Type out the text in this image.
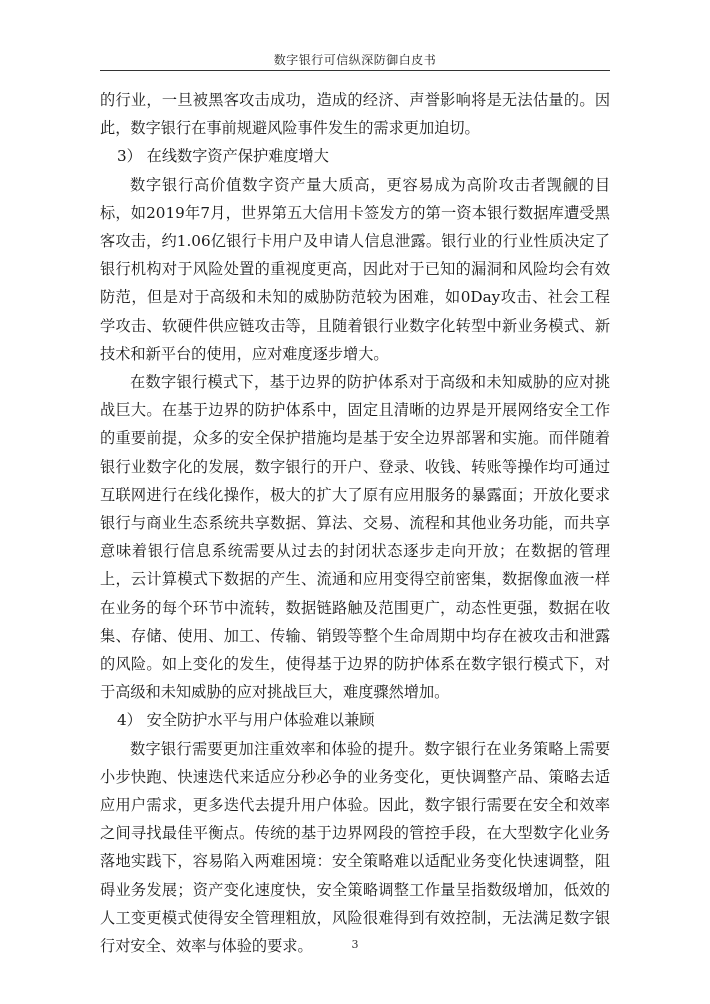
数字银行可信纵深防御白皮书

的行业，一旦被黑客攻击成功，造成的经济、声誉影响将是无法估量的。因此，数字银行在事前规避风险事件发生的需求更加迫切。

3） 在线数字资产保护难度增大

数字银行高价值数字资产量大质高，更容易成为高阶攻击者觊觎的目标，如2019年7月，世界第五大信用卡签发方的第一资本银行数据库遭受黑客攻击，约1.06亿银行卡用户及申请人信息泄露。银行业的行业性质决定了银行机构对于风险处置的重视度更高，因此对于已知的漏洞和风险均会有效防范，但是对于高级和未知的威胁防范较为困难，如0Day攻击、社会工程学攻击、软硬件供应链攻击等，且随着银行业数字化转型中新业务模式、新技术和新平台的使用，应对难度逐步增大。

在数字银行模式下，基于边界的防护体系对于高级和未知威胁的应对挑战巨大。在基于边界的防护体系中，固定且清晰的边界是开展网络安全工作的重要前提，众多的安全保护措施均是基于安全边界部署和实施。而伴随着银行业数字化的发展，数字银行的开户、登录、收钱、转账等操作均可通过互联网进行在线化操作，极大的扩大了原有应用服务的暴露面；开放化要求银行与商业生态系统共享数据、算法、交易、流程和其他业务功能，而共享意味着银行信息系统需要从过去的封闭状态逐步走向开放；在数据的管理上，云计算模式下数据的产生、流通和应用变得空前密集，数据像血液一样在业务的每个环节中流转，数据链路触及范围更广，动态性更强，数据在收集、存储、使用、加工、传输、销毁等整个生命周期中均存在被攻击和泄露的风险。如上变化的发生，使得基于边界的防护体系在数字银行模式下，对于高级和未知威胁的应对挑战巨大，难度骤然增加。

4） 安全防护水平与用户体验难以兼顾

数字银行需要更加注重效率和体验的提升。数字银行在业务策略上需要小步快跑、快速迭代来适应分秒必争的业务变化，更快调整产品、策略去适应用户需求，更多迭代去提升用户体验。因此，数字银行需要在安全和效率之间寻找最佳平衡点。传统的基于边界网段的管控手段，在大型数字化业务落地实践下，容易陷入两难困境：安全策略难以适配业务变化快速调整，阻碍业务发展；资产变化速度快，安全策略调整工作量呈指数级增加，低效的人工变更模式使得安全管理粗放，风险很难得到有效控制，无法满足数字银行对安全、效率与体验的要求。	3
